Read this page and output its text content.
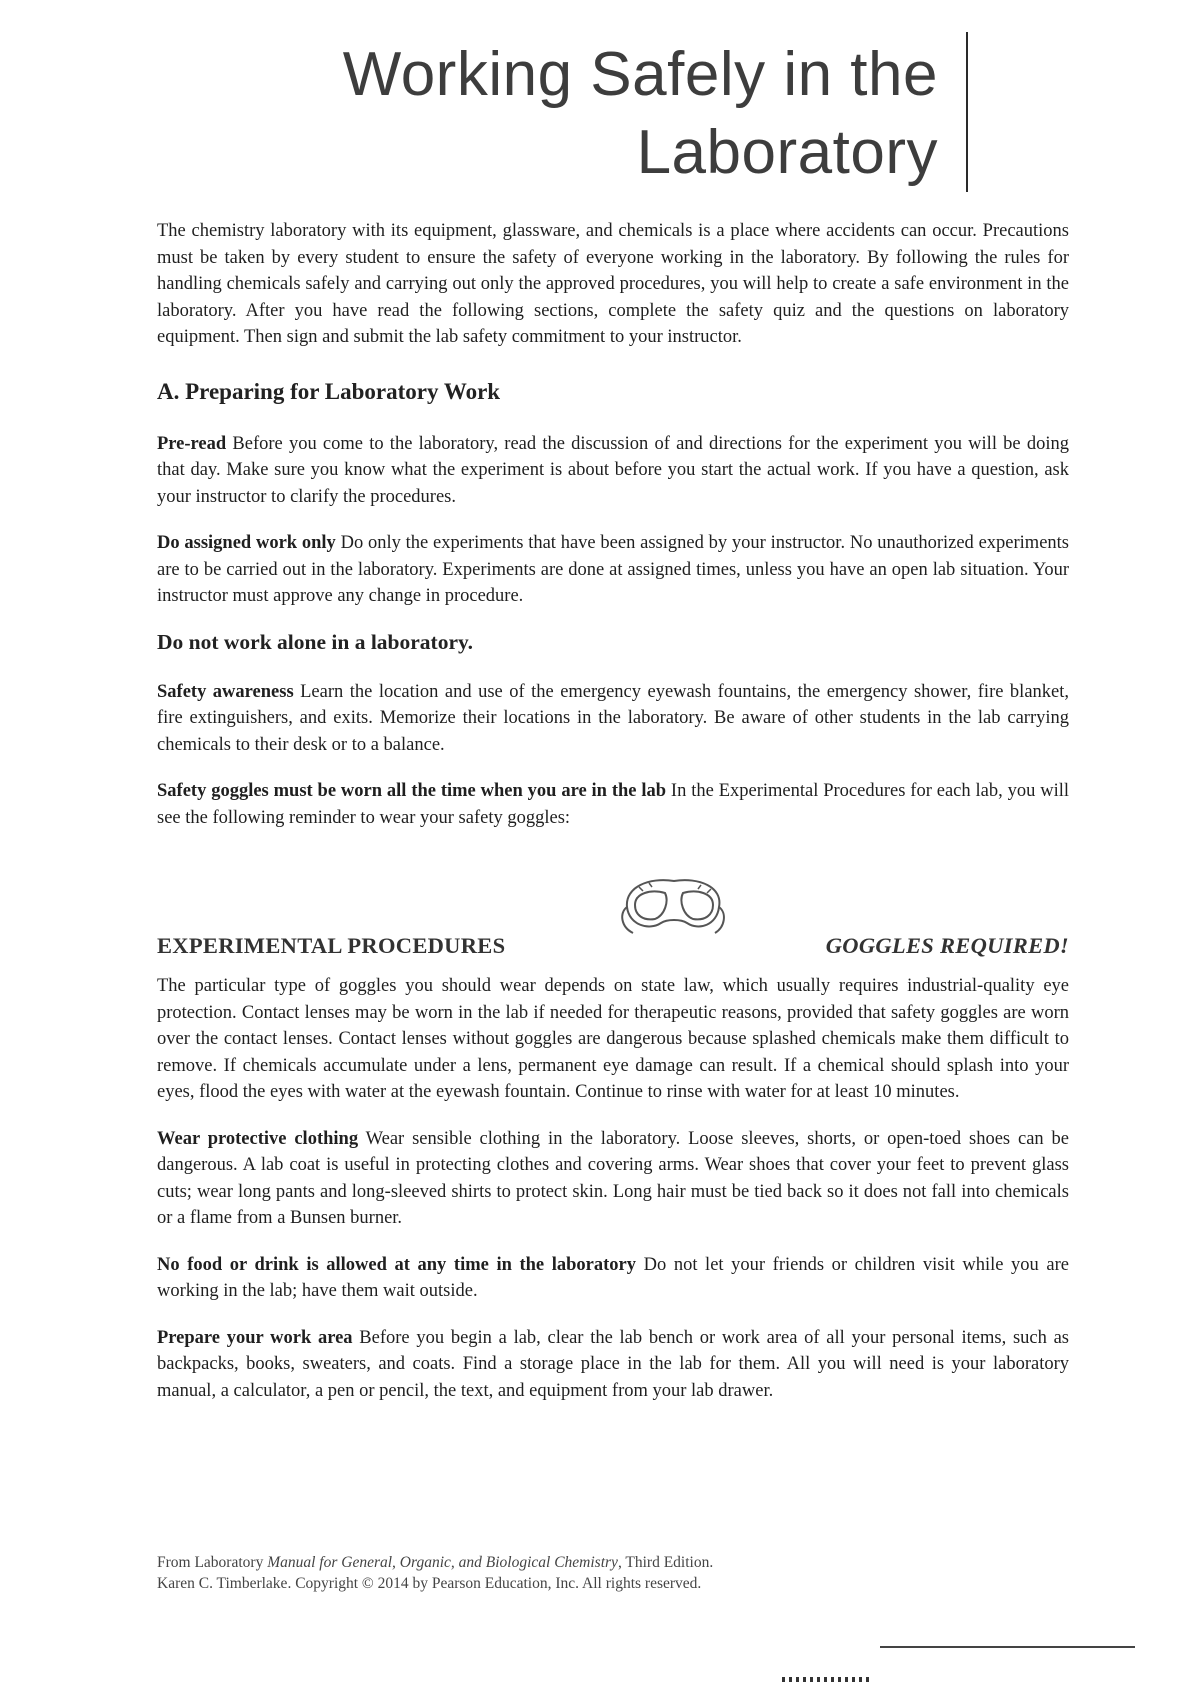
Working Safely in the
Laboratory

The chemistry laboratory with its equipment, glassware, and chemicals is a place where accidents can occur. Precautions must be taken by every student to ensure the safety of everyone working in the laboratory. By following the rules for handling chemicals safely and carrying out only the approved procedures, you will help to create a safe environment in the laboratory. After you have read the following sections, complete the safety quiz and the questions on laboratory equipment. Then sign and submit the lab safety commitment to your instructor.

A. Preparing for Laboratory Work

Pre-read Before you come to the laboratory, read the discussion of and directions for the experiment you will be doing that day. Make sure you know what the experiment is about before you start the actual work. If you have a question, ask your instructor to clarify the procedures.

Do assigned work only Do only the experiments that have been assigned by your instructor. No unauthorized experiments are to be carried out in the laboratory. Experiments are done at assigned times, unless you have an open lab situation. Your instructor must approve any change in procedure.

Do not work alone in a laboratory.

Safety awareness Learn the location and use of the emergency eyewash fountains, the emergency shower, fire blanket, fire extinguishers, and exits. Memorize their locations in the laboratory. Be aware of other students in the lab carrying chemicals to their desk or to a balance.

Safety goggles must be worn all the time when you are in the lab In the Experimental Procedures for each lab, you will see the following reminder to wear your safety goggles:

EXPERIMENTAL PROCEDURES	GOGGLES REQUIRED!

The particular type of goggles you should wear depends on state law, which usually requires industrial-quality eye protection. Contact lenses may be worn in the lab if needed for therapeutic reasons, provided that safety goggles are worn over the contact lenses. Contact lenses without goggles are dangerous because splashed chemicals make them difficult to remove. If chemicals accumulate under a lens, permanent eye damage can result. If a chemical should splash into your eyes, flood the eyes with water at the eyewash fountain. Continue to rinse with water for at least 10 minutes.

Wear protective clothing Wear sensible clothing in the laboratory. Loose sleeves, shorts, or open-toed shoes can be dangerous. A lab coat is useful in protecting clothes and covering arms. Wear shoes that cover your feet to prevent glass cuts; wear long pants and long-sleeved shirts to protect skin. Long hair must be tied back so it does not fall into chemicals or a flame from a Bunsen burner.

No food or drink is allowed at any time in the laboratory Do not let your friends or children visit while you are working in the lab; have them wait outside.

Prepare your work area Before you begin a lab, clear the lab bench or work area of all your personal items, such as backpacks, books, sweaters, and coats. Find a storage place in the lab for them. All you will need is your laboratory manual, a calculator, a pen or pencil, the text, and equipment from your lab drawer.

From Laboratory Manual for General, Organic, and Biological Chemistry, Third Edition.
Karen C. Timberlake. Copyright © 2014 by Pearson Education, Inc. All rights reserved.
